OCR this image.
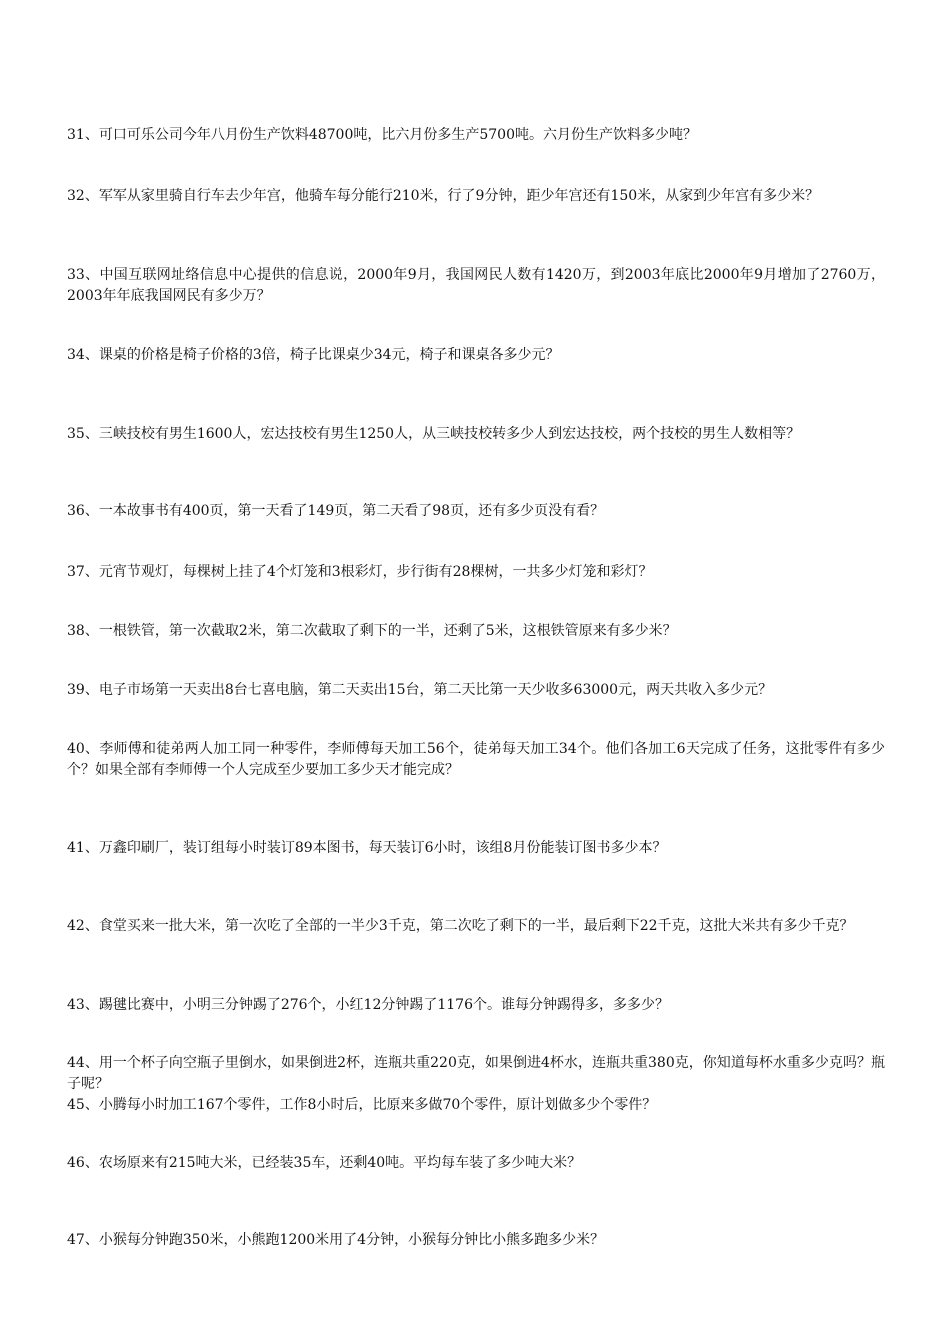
31、可口可乐公司今年八月份生产饮料48700吨，比六月份多生产5700吨。六月份生产饮料多少吨？

32、军军从家里骑自行车去少年宫，他骑车每分能行210米，行了9分钟，距少年宫还有150米，从家到少年宫有多少米？

33、中国互联网址络信息中心提供的信息说，2000年9月，我国网民人数有1420万，到2003年底比2000年9月增加了2760万，2003年年底我国网民有多少万？

34、课桌的价格是椅子价格的3倍，椅子比课桌少34元，椅子和课桌各多少元？

35、三峡技校有男生1600人，宏达技校有男生1250人，从三峡技校转多少人到宏达技校，两个技校的男生人数相等？

36、一本故事书有400页，第一天看了149页，第二天看了98页，还有多少页没有看？

37、元宵节观灯，每棵树上挂了4个灯笼和3根彩灯，步行街有28棵树，一共多少灯笼和彩灯？

38、一根铁管，第一次截取2米，第二次截取了剩下的一半，还剩了5米，这根铁管原来有多少米？

39、电子市场第一天卖出8台七喜电脑，第二天卖出15台，第二天比第一天少收多63000元，两天共收入多少元？

40、李师傅和徒弟两人加工同一种零件，李师傅每天加工56个，徒弟每天加工34个。他们各加工6天完成了任务，这批零件有多少个？如果全部有李师傅一个人完成至少要加工多少天才能完成？

41、万鑫印刷厂，装订组每小时装订89本图书，每天装订6小时，该组8月份能装订图书多少本？

42、食堂买来一批大米，第一次吃了全部的一半少3千克，第二次吃了剩下的一半，最后剩下22千克，这批大米共有多少千克？

43、踢毽比赛中，小明三分钟踢了276个，小红12分钟踢了1176个。谁每分钟踢得多，多多少？

44、用一个杯子向空瓶子里倒水，如果倒进2杯，连瓶共重220克，如果倒进4杯水，连瓶共重380克，你知道每杯水重多少克吗？瓶子呢？

45、小腾每小时加工167个零件，工作8小时后，比原来多做70个零件，原计划做多少个零件？

46、农场原来有215吨大米，已经装35车，还剩40吨。平均每车装了多少吨大米？

47、小猴每分钟跑350米，小熊跑1200米用了4分钟，小猴每分钟比小熊多跑多少米？
